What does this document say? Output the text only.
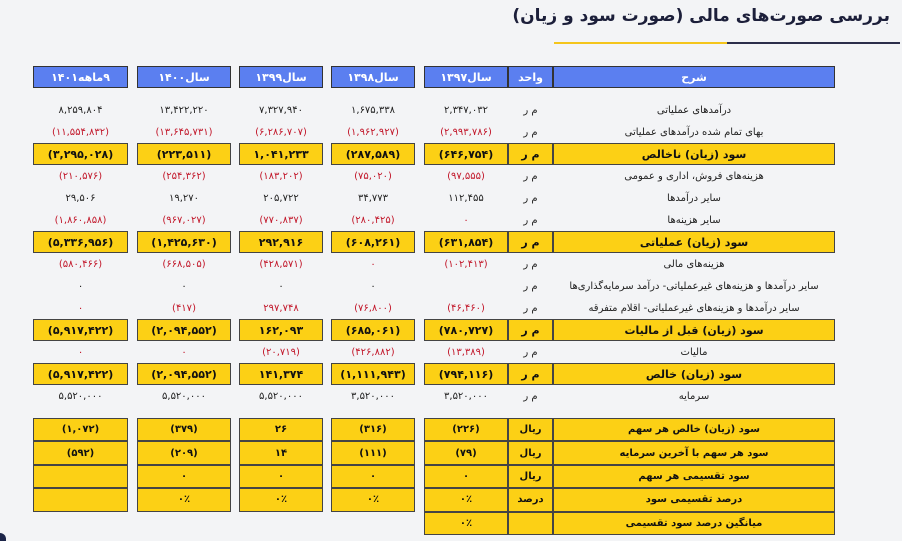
بررسی صورت‌های مالی (صورت سود و زیان)
شرح
واحد
سال۱۳۹۷
سال۱۳۹۸
سال۱۳۹۹
سال۱۴۰۰
۹ماهه۱۴۰۱
درآمدهای عملیاتی
م ر
۲,۳۴۷,۰۳۲
۱,۶۷۵,۳۳۸
۷,۳۲۷,۹۴۰
۱۳,۴۲۲,۲۲۰
۸,۲۵۹,۸۰۴
بهای تمام شده درآمدهای عملیاتی
م ر
(۲,۹۹۳,۷۸۶)
(۱,۹۶۲,۹۲۷)
(۶,۲۸۶,۷۰۷)
(۱۳,۶۴۵,۷۳۱)
(۱۱,۵۵۴,۸۳۲)
سود (زیان) ناخالص
م ر
(۶۴۶,۷۵۴)
(۲۸۷,۵۸۹)
۱,۰۴۱,۲۳۳
(۲۲۳,۵۱۱)
(۳,۲۹۵,۰۲۸)
هزینه‌های فروش، اداری و عمومی
م ر
(۹۷,۵۵۵)
(۷۵,۰۲۰)
(۱۸۳,۲۰۲)
(۲۵۴,۳۶۲)
(۲۱۰,۵۷۶)
سایر درآمدها
م ر
۱۱۲,۴۵۵
۳۴,۷۷۳
۲۰۵,۷۲۲
۱۹,۲۷۰
۲۹,۵۰۶
سایر هزینه‌ها
م ر
۰
(۲۸۰,۴۲۵)
(۷۷۰,۸۳۷)
(۹۶۷,۰۲۷)
(۱,۸۶۰,۸۵۸)
سود (زیان) عملیاتی
م ر
(۶۳۱,۸۵۴)
(۶۰۸,۲۶۱)
۲۹۲,۹۱۶
(۱,۴۲۵,۶۳۰)
(۵,۳۳۶,۹۵۶)
هزینه‌های مالی
م ر
(۱۰۲,۴۱۳)
۰
(۴۲۸,۵۷۱)
(۶۶۸,۵۰۵)
(۵۸۰,۴۶۶)
سایر درآمدها و هزینه‌های غیرعملیاتی- درآمد سرمایه‌گذاری‌ها
م ر
۰
۰
۰
۰
سایر درآمدها و هزینه‌های غیرعملیاتی- اقلام متفرقه
م ر
(۴۶,۴۶۰)
(۷۶,۸۰۰)
۲۹۷,۷۴۸
(۴۱۷)
۰
سود (زیان) قبل از مالیات
م ر
(۷۸۰,۷۲۷)
(۶۸۵,۰۶۱)
۱۶۲,۰۹۳
(۲,۰۹۴,۵۵۲)
(۵,۹۱۷,۴۲۲)
مالیات
م ر
(۱۳,۳۸۹)
(۴۲۶,۸۸۲)
(۲۰,۷۱۹)
۰
۰
سود (زیان) خالص
م ر
(۷۹۴,۱۱۶)
(۱,۱۱۱,۹۴۳)
۱۴۱,۳۷۴
(۲,۰۹۴,۵۵۲)
(۵,۹۱۷,۴۲۲)
سرمایه
م ر
۳,۵۲۰,۰۰۰
۳,۵۲۰,۰۰۰
۵,۵۲۰,۰۰۰
۵,۵۲۰,۰۰۰
۵,۵۲۰,۰۰۰
سود (زیان) خالص هر سهم
ریال
(۲۲۶)
(۳۱۶)
۲۶
(۳۷۹)
(۱,۰۷۲)
سود هر سهم با آخرین سرمایه
ریال
(۷۹)
(۱۱۱)
۱۴
(۲۰۹)
(۵۹۲)
سود تقسیمی هر سهم
ریال
۰
۰
۰
۰
درصد تقسیمی سود
درصد
۰٪
۰٪
۰٪
۰٪
میانگین درصد سود تقسیمی
۰٪
